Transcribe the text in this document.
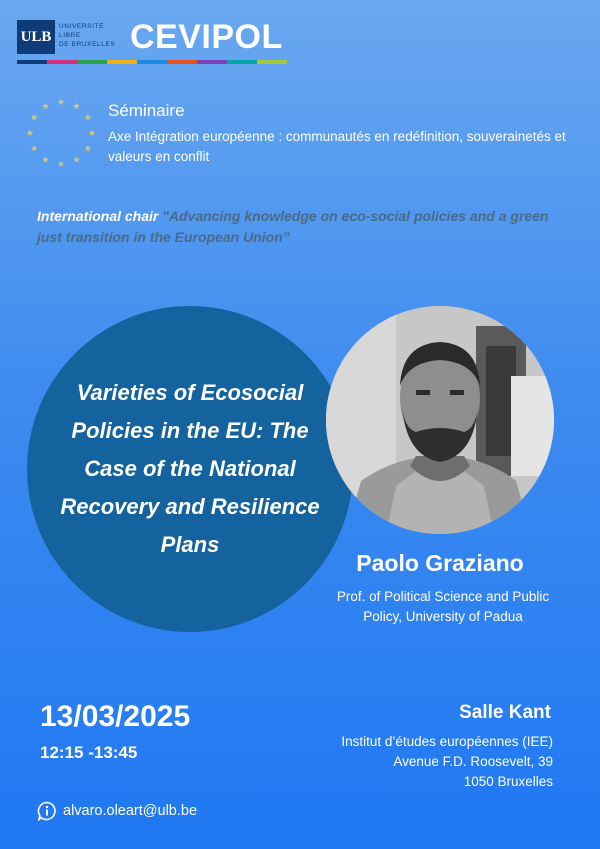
ULB
UNIVERSITÉ
LIBRE
DE BRUXELLES CEVIPOL
Séminaire
Axe Intégration européenne : communautés en redéfinition, souverainetés et valeurs en conflit
International chair "Advancing knowledge on eco-social policies and a green just transition in the European Union”
Varieties of Ecosocial Policies in the EU: The Case of the National Recovery and Resilience Plans
Paolo Graziano
Prof. of Political Science and Public
Policy, University of Padua
13/03/2025
12:15 -13:45
Salle Kant
Institut d’études européennes (IEE)
Avenue F.D. Roosevelt, 39
1050 Bruxelles
alvaro.oleart@ulb.be
